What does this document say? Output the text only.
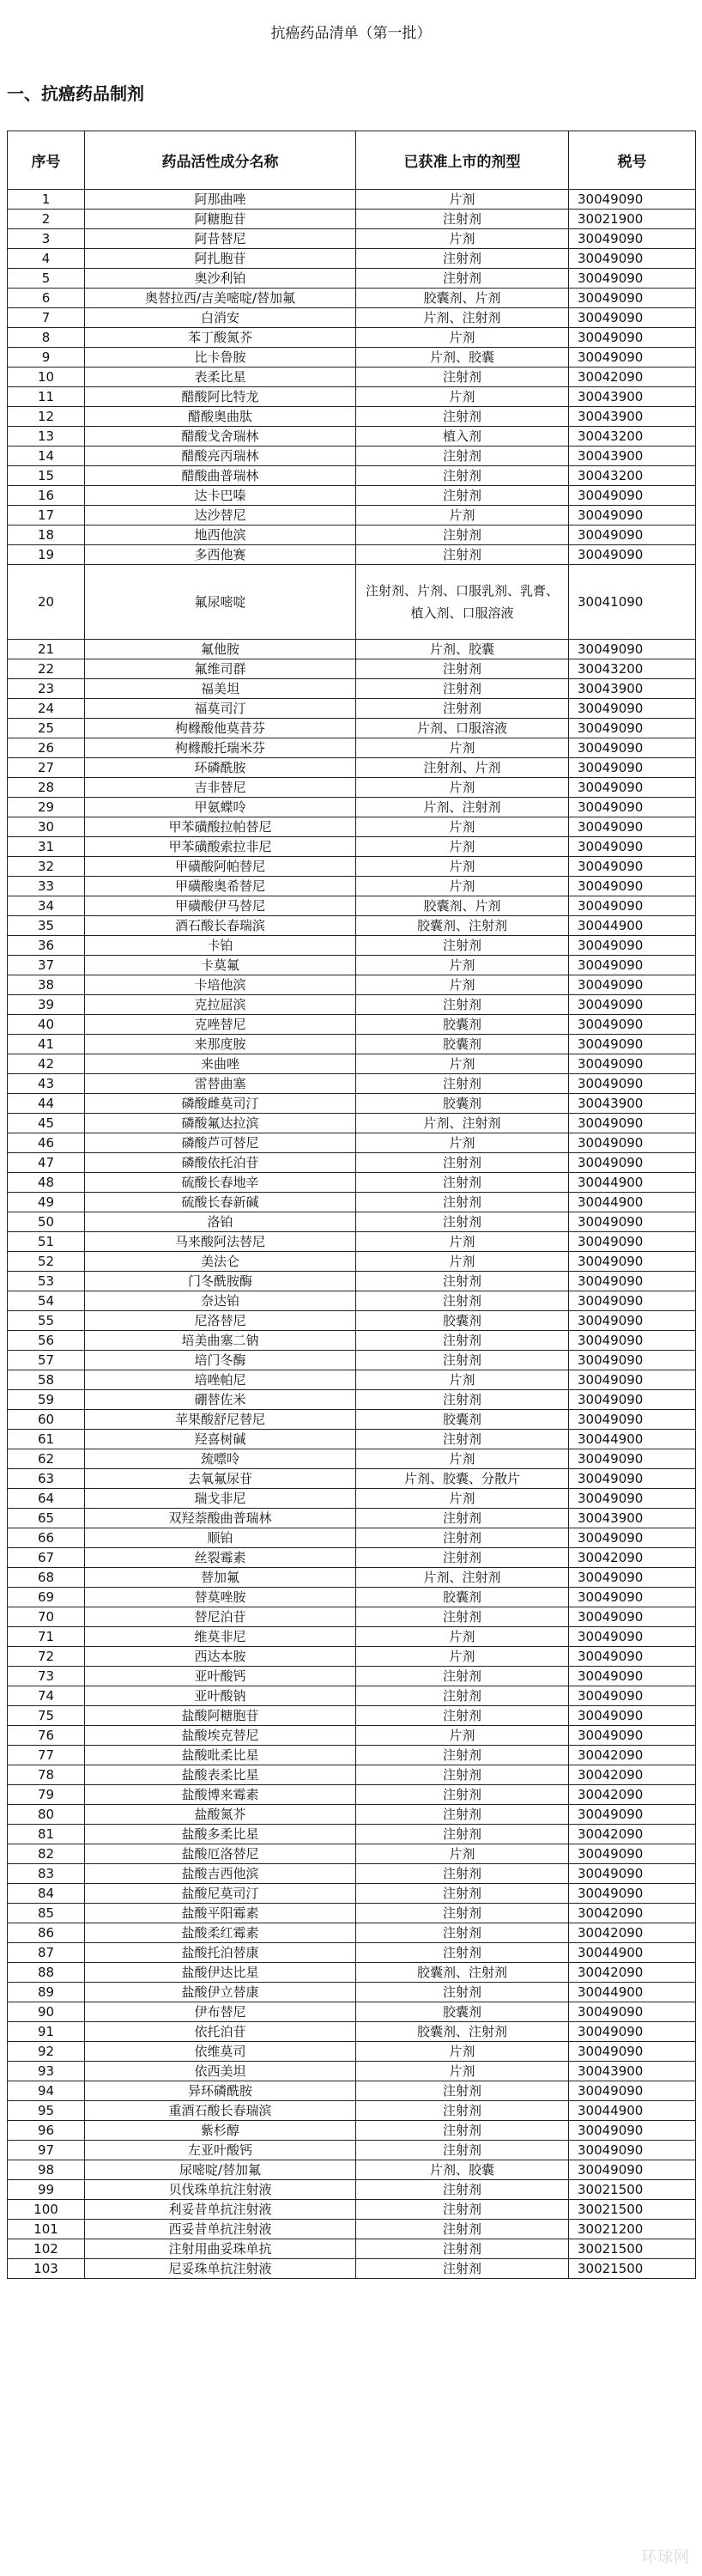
抗癌药品清单（第一批）
一、抗癌药品制剂
序号	药品活性成分名称	已获准上市的剂型	税号
1	阿那曲唑	片剂	30049090
2	阿糖胞苷	注射剂	30021900
3	阿昔替尼	片剂	30049090
4	阿扎胞苷	注射剂	30049090
5	奥沙利铂	注射剂	30049090
6	奥替拉西/吉美嘧啶/替加氟	胶囊剂、片剂	30049090
7	白消安	片剂、注射剂	30049090
8	苯丁酸氮芥	片剂	30049090
9	比卡鲁胺	片剂、胶囊	30049090
10	表柔比星	注射剂	30042090
11	醋酸阿比特龙	片剂	30043900
12	醋酸奥曲肽	注射剂	30043900
13	醋酸戈舍瑞林	植入剂	30043200
14	醋酸亮丙瑞林	注射剂	30043900
15	醋酸曲普瑞林	注射剂	30043200
16	达卡巴嗪	注射剂	30049090
17	达沙替尼	片剂	30049090
18	地西他滨	注射剂	30049090
19	多西他赛	注射剂	30049090
20	氟尿嘧啶	注射剂、片剂、口服乳剂、乳膏、植入剂、口服溶液	30041090
21	氟他胺	片剂、胶囊	30049090
22	氟维司群	注射剂	30043200
23	福美坦	注射剂	30043900
24	福莫司汀	注射剂	30049090
25	枸橼酸他莫昔芬	片剂、口服溶液	30049090
26	枸橼酸托瑞米芬	片剂	30049090
27	环磷酰胺	注射剂、片剂	30049090
28	吉非替尼	片剂	30049090
29	甲氨蝶呤	片剂、注射剂	30049090
30	甲苯磺酸拉帕替尼	片剂	30049090
31	甲苯磺酸索拉非尼	片剂	30049090
32	甲磺酸阿帕替尼	片剂	30049090
33	甲磺酸奥希替尼	片剂	30049090
34	甲磺酸伊马替尼	胶囊剂、片剂	30049090
35	酒石酸长春瑞滨	胶囊剂、注射剂	30044900
36	卡铂	注射剂	30049090
37	卡莫氟	片剂	30049090
38	卡培他滨	片剂	30049090
39	克拉屈滨	注射剂	30049090
40	克唑替尼	胶囊剂	30049090
41	来那度胺	胶囊剂	30049090
42	来曲唑	片剂	30049090
43	雷替曲塞	注射剂	30049090
44	磷酸雌莫司汀	胶囊剂	30043900
45	磷酸氟达拉滨	片剂、注射剂	30049090
46	磷酸芦可替尼	片剂	30049090
47	磷酸依托泊苷	注射剂	30049090
48	硫酸长春地辛	注射剂	30044900
49	硫酸长春新碱	注射剂	30044900
50	洛铂	注射剂	30049090
51	马来酸阿法替尼	片剂	30049090
52	美法仑	片剂	30049090
53	门冬酰胺酶	注射剂	30049090
54	奈达铂	注射剂	30049090
55	尼洛替尼	胶囊剂	30049090
56	培美曲塞二钠	注射剂	30049090
57	培门冬酶	注射剂	30049090
58	培唑帕尼	片剂	30049090
59	硼替佐米	注射剂	30049090
60	苹果酸舒尼替尼	胶囊剂	30049090
61	羟喜树碱	注射剂	30044900
62	巯嘌呤	片剂	30049090
63	去氧氟尿苷	片剂、胶囊、分散片	30049090
64	瑞戈非尼	片剂	30049090
65	双羟萘酸曲普瑞林	注射剂	30043900
66	顺铂	注射剂	30049090
67	丝裂霉素	注射剂	30042090
68	替加氟	片剂、注射剂	30049090
69	替莫唑胺	胶囊剂	30049090
70	替尼泊苷	注射剂	30049090
71	维莫非尼	片剂	30049090
72	西达本胺	片剂	30049090
73	亚叶酸钙	注射剂	30049090
74	亚叶酸钠	注射剂	30049090
75	盐酸阿糖胞苷	注射剂	30049090
76	盐酸埃克替尼	片剂	30049090
77	盐酸吡柔比星	注射剂	30042090
78	盐酸表柔比星	注射剂	30042090
79	盐酸博来霉素	注射剂	30042090
80	盐酸氮芥	注射剂	30049090
81	盐酸多柔比星	注射剂	30042090
82	盐酸厄洛替尼	片剂	30049090
83	盐酸吉西他滨	注射剂	30049090
84	盐酸尼莫司汀	注射剂	30049090
85	盐酸平阳霉素	注射剂	30042090
86	盐酸柔红霉素	注射剂	30042090
87	盐酸托泊替康	注射剂	30044900
88	盐酸伊达比星	胶囊剂、注射剂	30042090
89	盐酸伊立替康	注射剂	30044900
90	伊布替尼	胶囊剂	30049090
91	依托泊苷	胶囊剂、注射剂	30049090
92	依维莫司	片剂	30049090
93	依西美坦	片剂	30043900
94	异环磷酰胺	注射剂	30049090
95	重酒石酸长春瑞滨	注射剂	30044900
96	紫杉醇	注射剂	30049090
97	左亚叶酸钙	注射剂	30049090
98	尿嘧啶/替加氟	片剂、胶囊	30049090
99	贝伐珠单抗注射液	注射剂	30021500
100	利妥昔单抗注射液	注射剂	30021500
101	西妥昔单抗注射液	注射剂	30021200
102	注射用曲妥珠单抗	注射剂	30021500
103	尼妥珠单抗注射液	注射剂	30021500
环球网
